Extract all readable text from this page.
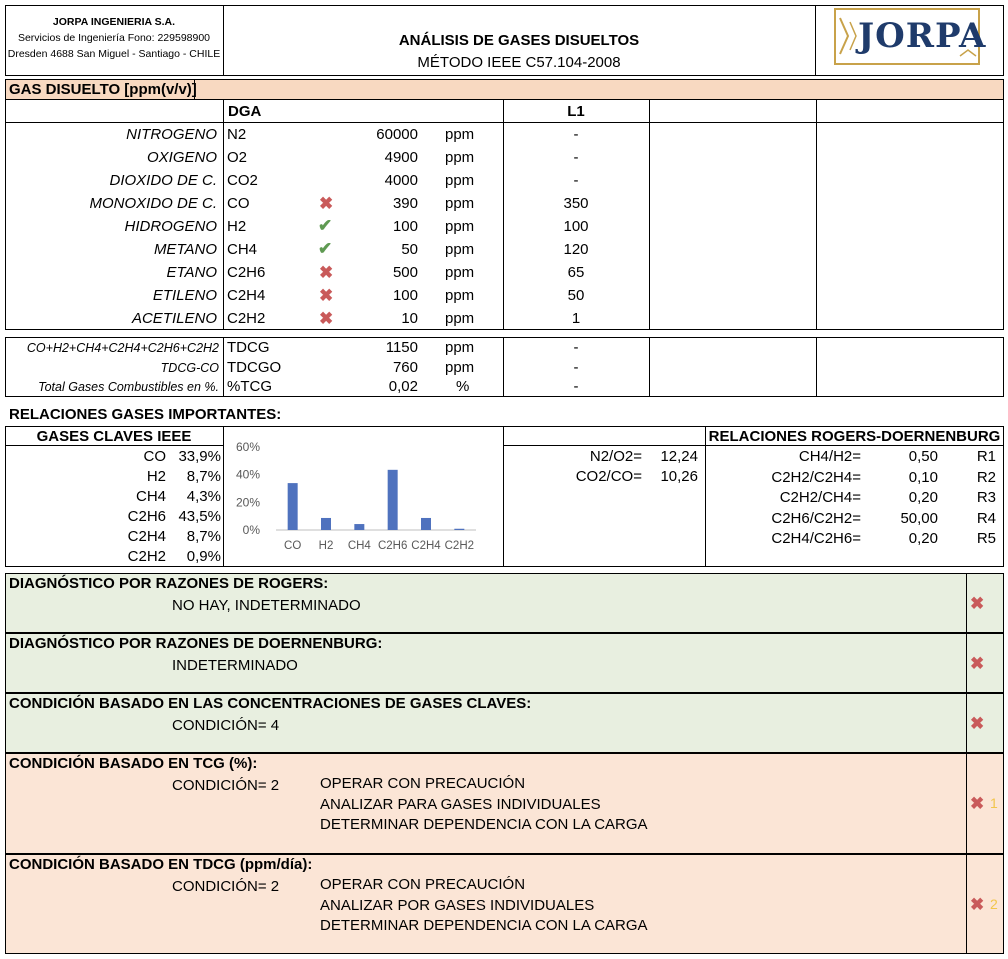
JORPA INGENIERIA S.A.
Servicios de Ingeniería Fono: 229598900
Dresden 4688 San Miguel - Santiago - CHILE
ANÁLISIS DE GASES DISUELTOS
MÉTODO IEEE C57.104-2008
JORPA
GAS DISUELTO [ppm(v/v)]
DGA	L1
NITROGENO N2	60000 ppm	-
OXIGENO O2	4900 ppm	-
DIOXIDO DE C. CO2	4000 ppm	-
MONOXIDO DE C. CO	✖	390 ppm	350
HIDROGENO H2	✔	100 ppm	100
METANO CH4	✔	50 ppm	120
ETANO C2H6	✖	500 ppm	65
ETILENO C2H4	✖	100 ppm	50
ACETILENO C2H2	✖	10 ppm	1
CO+H2+CH4+C2H4+C2H6+C2H2 TDCG	1150 ppm	-
TDCG-CO TDCGO	760 ppm	-
Total Gases Combustibles en %. %TCG	0,02	%	-
RELACIONES GASES IMPORTANTES:
GASES CLAVES IEEE	RELACIONES ROGERS-DOERNENBURG
CO 33,9%
H2	8,7%
CH4	4,3%
C2H6 43,5%
C2H4	8,7%
C2H2	0,9%
N2/O2=	12,24
CO2/CO=	10,26
CH4/H2=	0,50	R1
C2H2/C2H4=	0,10	R2
C2H2/CH4=	0,20	R3
C2H6/C2H2=	50,00	R4
C2H4/C2H6=	0,20	R5
0%
20%
40%
60%
CO H2 CH4 C2H6 C2H4 C2H2
DIAGNÓSTICO POR RAZONES DE ROGERS:
NO HAY, INDETERMINADO	✖
DIAGNÓSTICO POR RAZONES DE DOERNENBURG:
INDETERMINADO	✖
CONDICIÓN BASADO EN LAS CONCENTRACIONES DE GASES CLAVES:
CONDICIÓN= 4	✖
CONDICIÓN BASADO EN TCG (%):
CONDICIÓN= 2	OPERAR CON PRECAUCIÓN
ANALIZAR PARA GASES INDIVIDUALES
DETERMINAR DEPENDENCIA CON LA CARGA
✖ 1
CONDICIÓN BASADO EN TDCG (ppm/día):
CONDICIÓN= 2	OPERAR CON PRECAUCIÓN
ANALIZAR POR GASES INDIVIDUALES
DETERMINAR DEPENDENCIA CON LA CARGA
✖ 2
